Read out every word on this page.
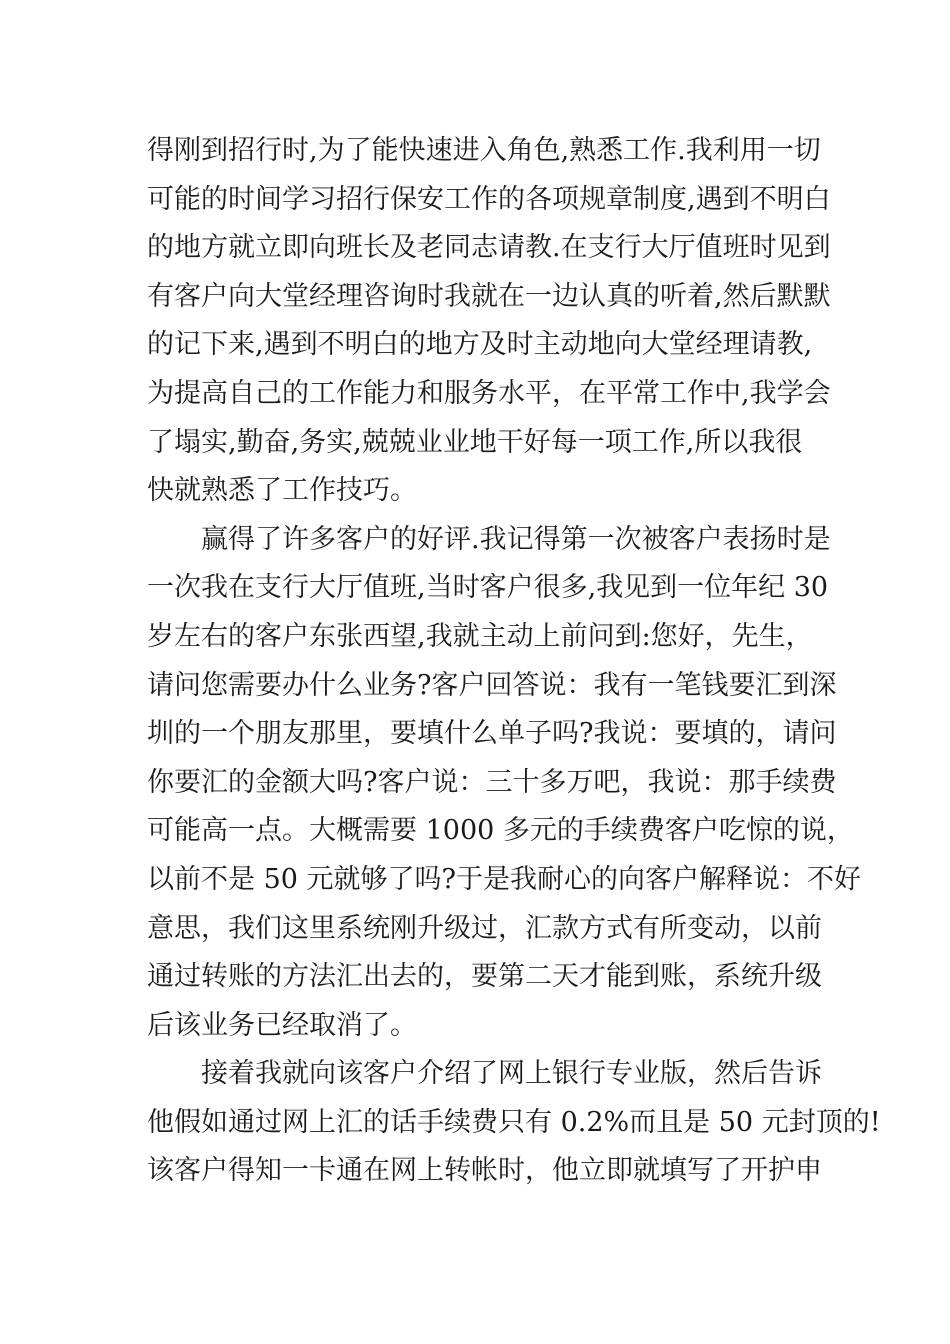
得刚到招行时,为了能快速进入角色,熟悉工作.我利用一切
可能的时间学习招行保安工作的各项规章制度,遇到不明白
的地方就立即向班长及老同志请教.在支行大厅值班时见到
有客户向大堂经理咨询时我就在一边认真的听着,然后默默
的记下来,遇到不明白的地方及时主动地向大堂经理请教,
为提高自己的工作能力和服务水平，在平常工作中,我学会
了塌实,勤奋,务实,兢兢业业地干好每一项工作,所以我很
快就熟悉了工作技巧。
赢得了许多客户的好评.我记得第一次被客户表扬时是
一次我在支行大厅值班,当时客户很多,我见到一位年纪 30
岁左右的客户东张西望,我就主动上前问到:您好，先生，
请问您需要办什么业务?客户回答说：我有一笔钱要汇到深
圳的一个朋友那里，要填什么单子吗?我说：要填的，请问
你要汇的金额大吗?客户说：三十多万吧，我说：那手续费
可能高一点。大概需要 1000 多元的手续费客户吃惊的说，
以前不是 50 元就够了吗?于是我耐心的向客户解释说：不好
意思，我们这里系统刚升级过，汇款方式有所变动，以前
通过转账的方法汇出去的，要第二天才能到账，系统升级
后该业务已经取消了。
接着我就向该客户介绍了网上银行专业版，然后告诉
他假如通过网上汇的话手续费只有 0.2%而且是 50 元封顶的!
该客户得知一卡通在网上转帐时，他立即就填写了开护申
